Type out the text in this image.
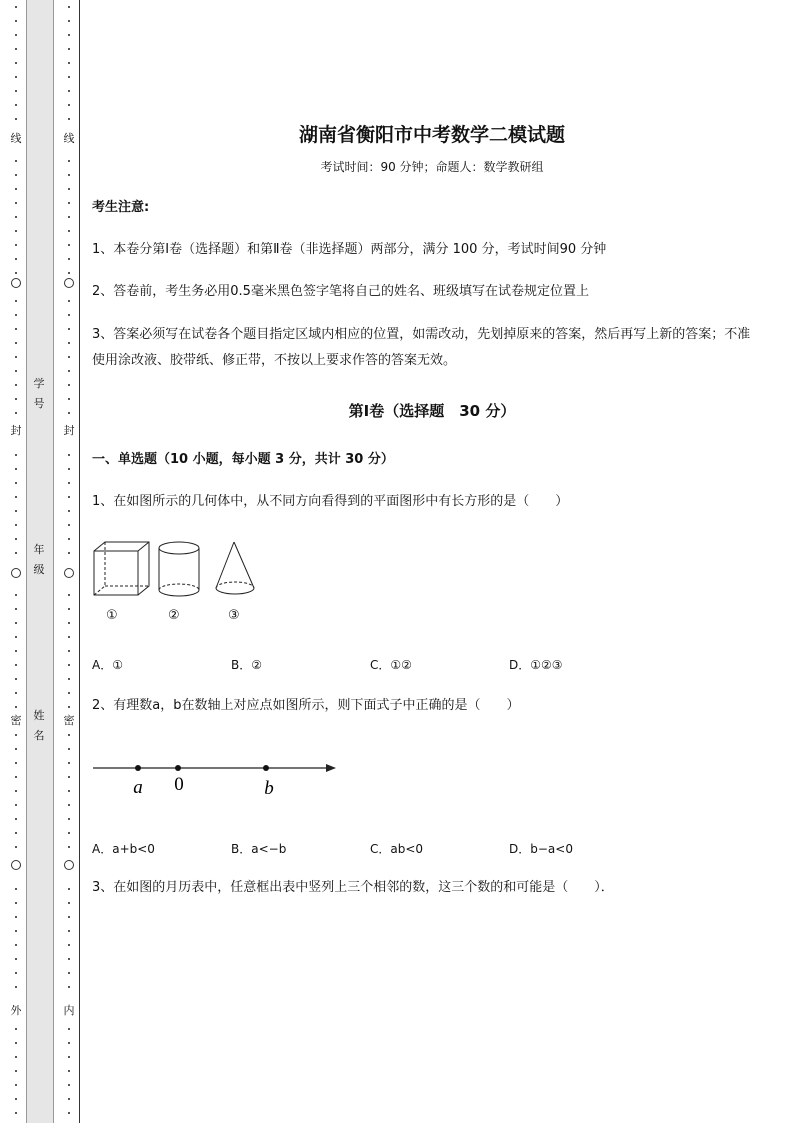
线
封
密
外
线
封
密
内
学号
年级
姓名
湖南省衡阳市中考数学二模试题
考试时间：90 分钟；命题人：数学教研组
考生注意:
1、本卷分第Ⅰ卷（选择题）和第Ⅱ卷（非选择题）两部分，满分 100 分，考试时间90 分钟
2、答卷前，考生务必用0.5毫米黑色签字笔将自己的姓名、班级填写在试卷规定位置上
3、答案必须写在试卷各个题目指定区域内相应的位置，如需改动，先划掉原来的答案，然后再写上新的答案；不准使用涂改液、胶带纸、修正带，不按以上要求作答的答案无效。
第Ⅰ卷（选择题　30 分）
一、单选题（10 小题，每小题 3 分，共计 30 分）
1、在如图所示的几何体中，从不同方向看得到的平面图形中有长方形的是（　　）
①	②	③
A．①	B．②	C．①②	D．①②③
2、有理数a，b在数轴上对应点如图所示，则下面式子中正确的是（　　）
a 0	b
A．a+b<0	B．a<−b	C．ab<0	D．b−a<0
3、在如图的月历表中，任意框出表中竖列上三个相邻的数，这三个数的和可能是（　　）．
